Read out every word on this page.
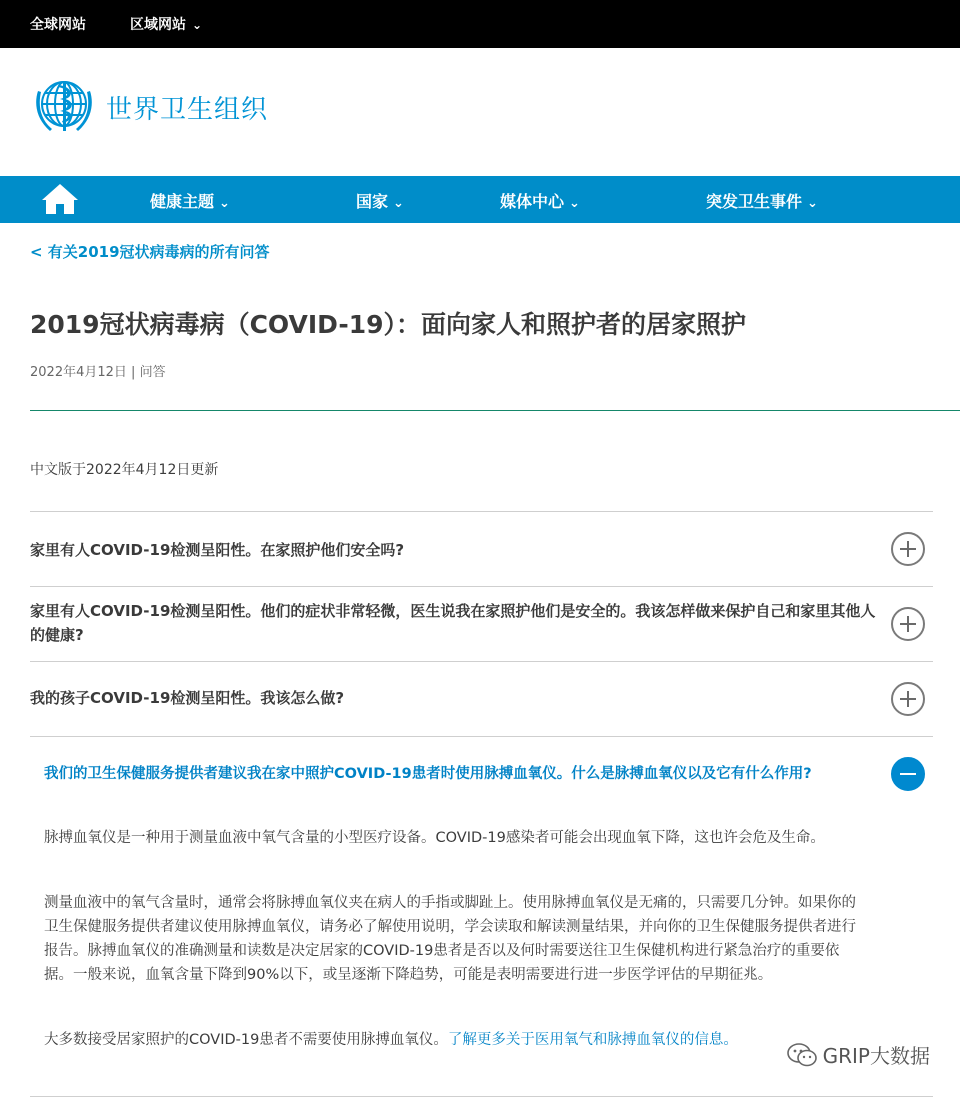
全球网站	区域网站 ⌄
世界卫生组织
健康主题 ⌄	国家 ⌄	媒体中心 ⌄	突发卫生事件 ⌄
< 有关2019冠状病毒病的所有问答
2019冠状病毒病（COVID-19）：面向家人和照护者的居家照护
2022年4月12日 | 问答
中文版于2022年4月12日更新
家里有人COVID-19检测呈阳性。在家照护他们安全吗?
家里有人COVID-19检测呈阳性。他们的症状非常轻微，医生说我在家照护他们是安全的。我该怎样做来保护自己和家里其他人的健康?
我的孩子COVID-19检测呈阳性。我该怎么做?
我们的卫生保健服务提供者建议我在家中照护COVID-19患者时使用脉搏血氧仪。什么是脉搏血氧仪以及它有什么作用?

脉搏血氧仪是一种用于测量血液中氧气含量的小型医疗设备。COVID-19感染者可能会出现血氧下降，这也许会危及生命。

测量血液中的氧气含量时，通常会将脉搏血氧仪夹在病人的手指或脚趾上。使用脉搏血氧仪是无痛的，只需要几分钟。如果你的卫生保健服务提供者建议使用脉搏血氧仪，请务必了解使用说明，学会读取和解读测量结果，并向你的卫生保健服务提供者进行报告。脉搏血氧仪的准确测量和读数是决定居家的COVID-19患者是否以及何时需要送往卫生保健机构进行紧急治疗的重要依据。一般来说，血氧含量下降到90%以下，或呈逐渐下降趋势，可能是表明需要进行进一步医学评估的早期征兆。

大多数接受居家照护的COVID-19患者不需要使用脉搏血氧仪。了解更多关于医用氧气和脉搏血氧仪的信息。

GRIP大数据
